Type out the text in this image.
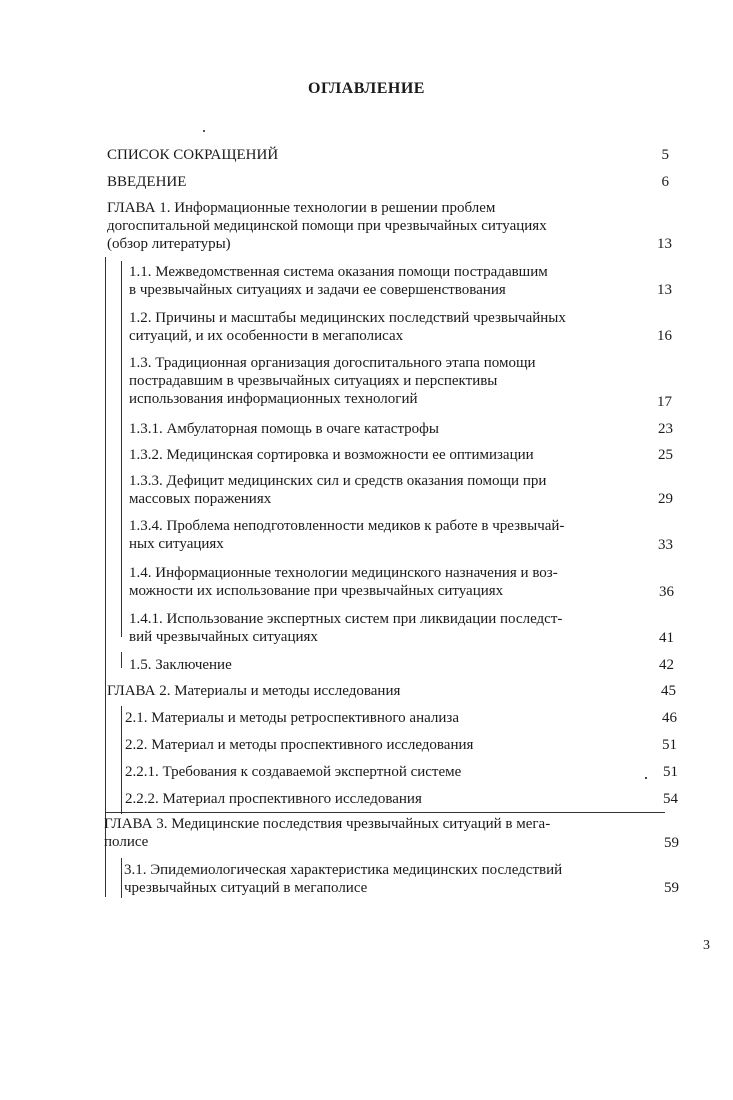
ОГЛАВЛЕНИЕ
СПИСОК СОКРАЩЕНИЙ	5
ВВЕДЕНИЕ	6
ГЛАВА 1. Информационные технологии в решении проблем
догоспитальной медицинской помощи при чрезвычайных ситуациях
(обзор литературы)	13
1.1. Межведомственная система оказания помощи пострадавшим
в чрезвычайных ситуациях и задачи ее совершенствования	13
1.2. Причины и масштабы медицинских последствий чрезвычайных
ситуаций, и их особенности в мегаполисах	16
1.3. Традиционная организация догоспитального этапа помощи
пострадавшим в чрезвычайных ситуациях и перспективы
использования информационных технологий	17
1.3.1. Амбулаторная помощь в очаге катастрофы	23
1.3.2. Медицинская сортировка и возможности ее оптимизации	25
1.3.3. Дефицит медицинских сил и средств оказания помощи при
массовых поражениях	29
1.3.4. Проблема неподготовленности медиков к работе в чрезвычай-
ных ситуациях	33
1.4. Информационные технологии медицинского назначения и воз-
можности их использование при чрезвычайных ситуациях	36
1.4.1. Использование экспертных систем при ликвидации последст-
вий чрезвычайных ситуациях	41
1.5. Заключение	42
ГЛАВА 2. Материалы и методы исследования	45
2.1. Материалы и методы ретроспективного анализа	46
2.2. Материал и методы проспективного исследования	51
2.2.1. Требования к создаваемой экспертной системе	51
2.2.2. Материал проспективного исследования	54
ГЛАВА 3. Медицинские последствия чрезвычайных ситуаций в мега-
полисе	59
3.1. Эпидемиологическая характеристика медицинских последствий
чрезвычайных ситуаций в мегаполисе	59
3
